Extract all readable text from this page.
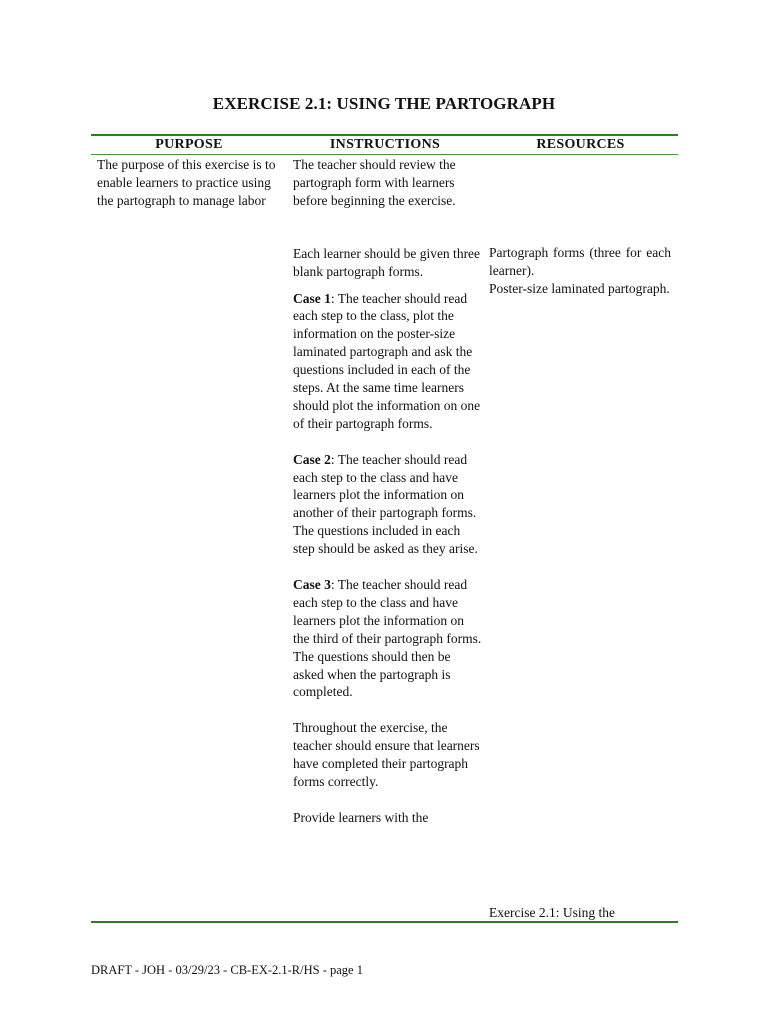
EXERCISE 2.1: USING THE PARTOGRAPH
PURPOSE	INSTRUCTIONS	RESOURCES

The purpose of this exercise is to enable learners to practice using the partograph to manage labor

The teacher should review the partograph form with learners before beginning the exercise.

Each learner should be given three blank partograph forms.

Case 1: The teacher should read each step to the class, plot the information on the poster-size laminated partograph and ask the questions included in each of the steps. At the same time learners should plot the information on one of their partograph forms.

Case 2: The teacher should read each step to the class and have learners plot the information on another of their partograph forms. The questions included in each step should be asked as they arise.

Case 3: The teacher should read each step to the class and have learners plot the information on the third of their partograph forms. The questions should then be asked when the partograph is completed.

Throughout the exercise, the teacher should ensure that learners have completed their partograph forms correctly.

Provide learners with the

Partograph forms (three for each learner).

Poster-size laminated partograph.

Exercise 2.1: Using the

DRAFT - JOH - 03/29/23 - CB-EX-2.1-R/HS - page 1
